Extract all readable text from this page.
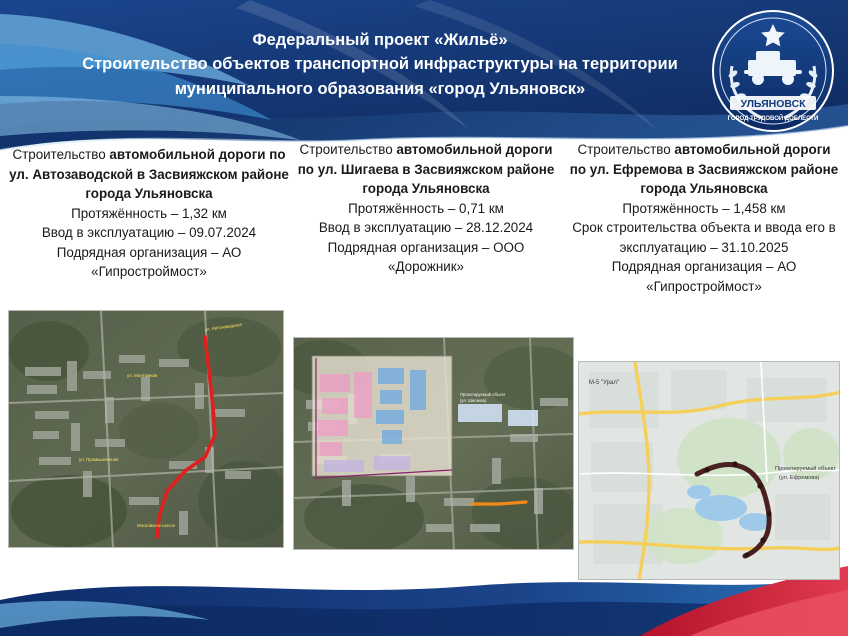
Федеральный проект «Жильё»
Строительство объектов транспортной инфраструктуры на территории муниципального образования «город Ульяновск»
УЛЬЯНОВСК
ГОРОД ТРУДОВОЙ ДОБЛЕСТИ
Строительство автомобильной дороги по ул. Автозаводской в Засвияжском районе города Ульяновска
Протяжённость – 1,32 км
Ввод в эксплуатацию – 09.07.2024
Подрядная организация – АО «Гипростроймост»
Строительство автомобильной дороги по ул. Шигаева в Засвияжском районе города Ульяновска
Протяжённость – 0,71 км
Ввод в эксплуатацию – 28.12.2024
Подрядная организация – ООО «Дорожник»
Строительство автомобильной дороги по ул. Ефремова в Засвияжском районе города Ульяновска
Протяжённость – 1,458 км
Срок строительства объекта и ввода его в эксплуатацию – 31.10.2025
Подрядная организация – АО «Гипростроймост»
ул. Автозаводская
ул. Монтажная
ул. Промышленная
Московское шоссе
Проектируемый объект
(ул. Шигаева)
М-5 "Урал"
Проектируемый объект
(ул. Ефремова)
